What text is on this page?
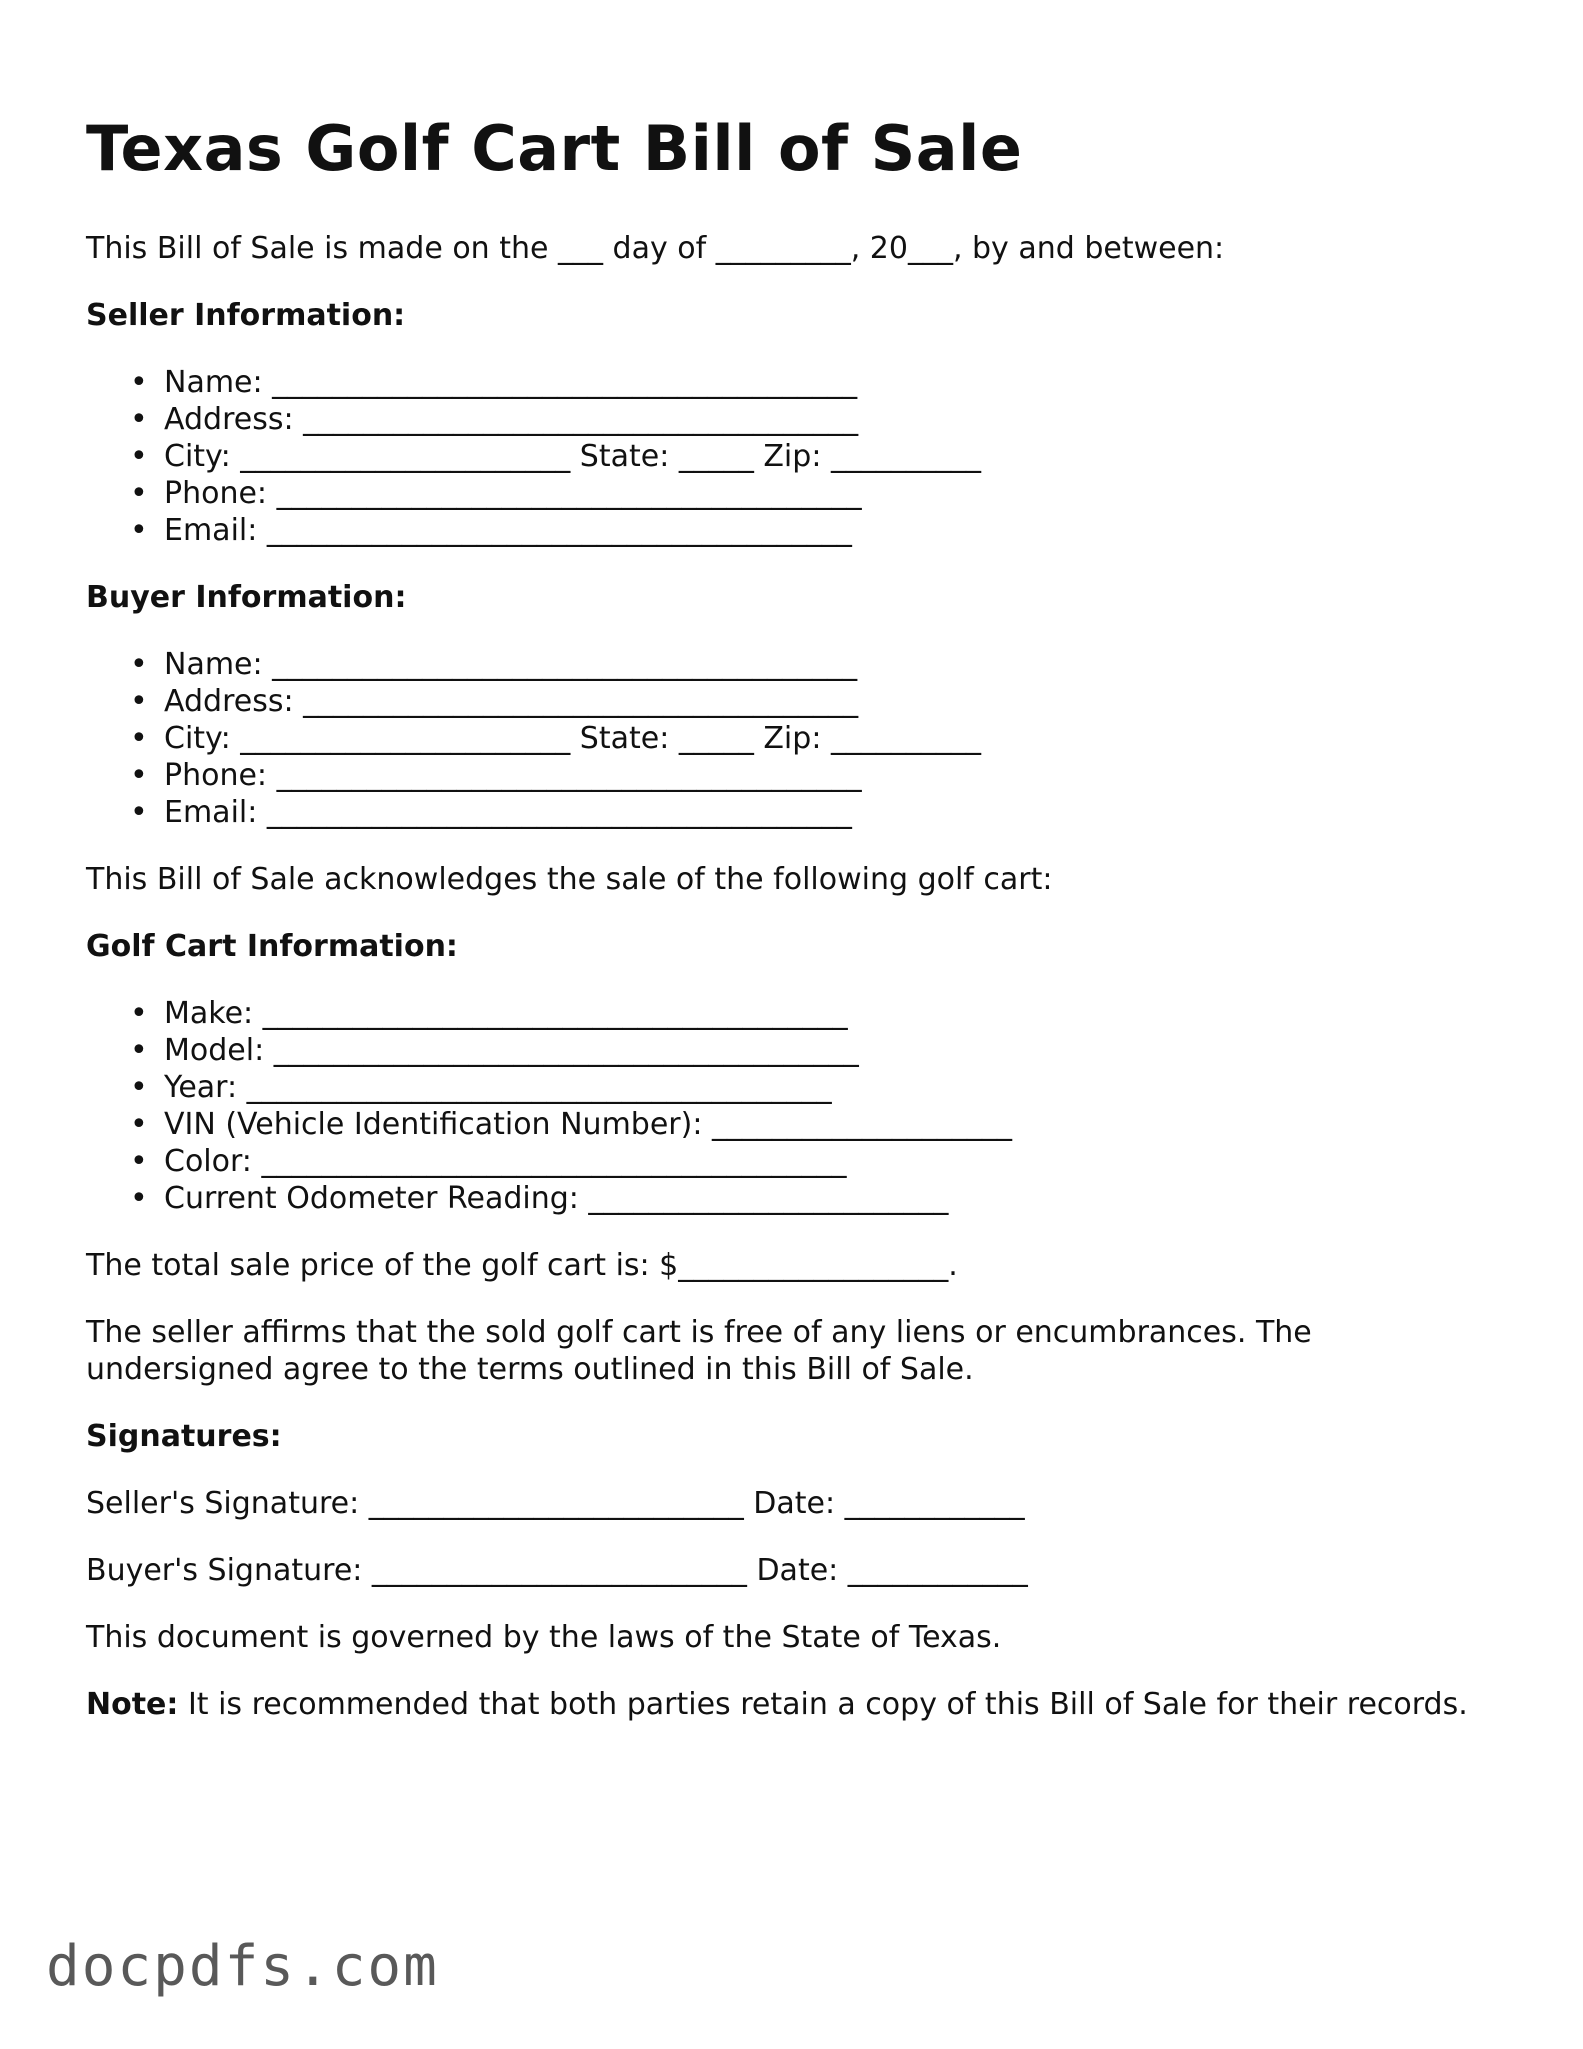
Texas Golf Cart Bill of Sale

This Bill of Sale is made on the ___ day of _________, 20___, by and between:

Seller Information:

• Name: _______________________________________
• Address: _____________________________________
• City: ______________________ State: _____ Zip: __________
• Phone: _______________________________________
• Email: _______________________________________

Buyer Information:

• Name: _______________________________________
• Address: _____________________________________
• City: ______________________ State: _____ Zip: __________
• Phone: _______________________________________
• Email: _______________________________________

This Bill of Sale acknowledges the sale of the following golf cart:

Golf Cart Information:

• Make: _______________________________________
• Model: _______________________________________
• Year: _______________________________________
• VIN (Vehicle Identification Number): ____________________
• Color: _______________________________________
• Current Odometer Reading: ________________________

The total sale price of the golf cart is: $__________________.

The seller affirms that the sold golf cart is free of any liens or encumbrances. The undersigned agree to the terms outlined in this Bill of Sale.

Signatures:

Seller's Signature: _________________________ Date: ____________

Buyer's Signature: _________________________ Date: ____________

This document is governed by the laws of the State of Texas.

Note: It is recommended that both parties retain a copy of this Bill of Sale for their records.

docpdfs.com
